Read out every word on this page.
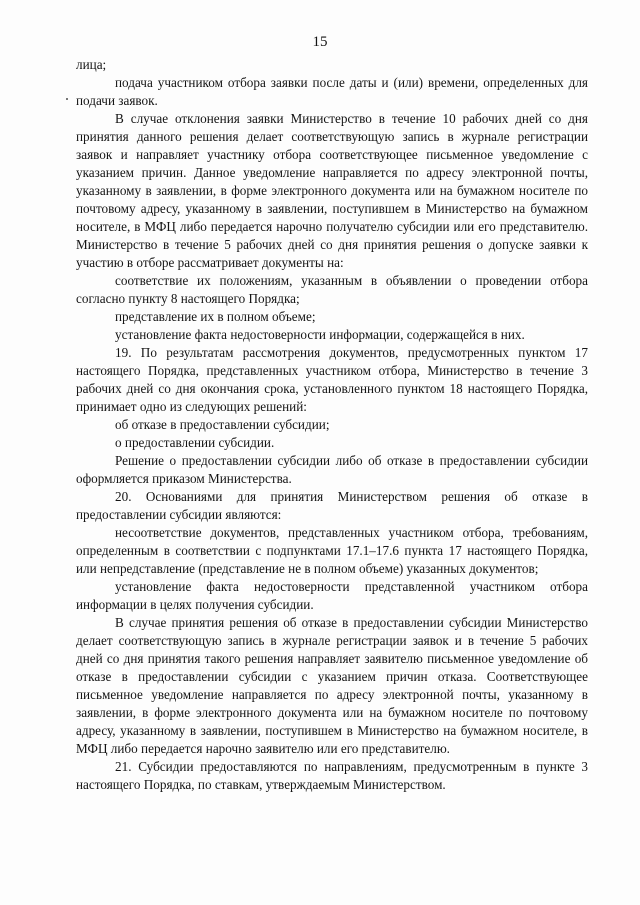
15

лица;

подача участником отбора заявки после даты и (или) времени, определенных для подачи заявок.

В случае отклонения заявки Министерство в течение 10 рабочих дней со дня принятия данного решения делает соответствующую запись в журнале регистрации заявок и направляет участнику отбора соответствующее письменное уведомление с указанием причин. Данное уведомление направляется по адресу электронной почты, указанному в заявлении, в форме электронного документа или на бумажном носителе по почтовому адресу, указанному в заявлении, поступившем в Министерство на бумажном носителе, в МФЦ либо передается нарочно получателю субсидии или его представителю. Министерство в течение 5 рабочих дней со дня принятия решения о допуске заявки к участию в отборе рассматривает документы на:

соответствие их положениям, указанным в объявлении о проведении отбора согласно пункту 8 настоящего Порядка;

представление их в полном объеме;

установление факта недостоверности информации, содержащейся в них.

19. По результатам рассмотрения документов, предусмотренных пунктом 17 настоящего Порядка, представленных участником отбора, Министерство в течение 3 рабочих дней со дня окончания срока, установленного пунктом 18 настоящего Порядка, принимает одно из следующих решений:

об отказе в предоставлении субсидии;

о предоставлении субсидии.

Решение о предоставлении субсидии либо об отказе в предоставлении субсидии оформляется приказом Министерства.

20. Основаниями для принятия Министерством решения об отказе в предоставлении субсидии являются:

несоответствие документов, представленных участником отбора, требованиям, определенным в соответствии с подпунктами 17.1–17.6 пункта 17 настоящего Порядка, или непредставление (представление не в полном объеме) указанных документов;

установление факта недостоверности представленной участником отбора информации в целях получения субсидии.

В случае принятия решения об отказе в предоставлении субсидии Министерство делает соответствующую запись в журнале регистрации заявок и в течение 5 рабочих дней со дня принятия такого решения направляет заявителю письменное уведомление об отказе в предоставлении субсидии с указанием причин отказа. Соответствующее письменное уведомление направляется по адресу электронной почты, указанному в заявлении, в форме электронного документа или на бумажном носителе по почтовому адресу, указанному в заявлении, поступившем в Министерство на бумажном носителе, в МФЦ либо передается нарочно заявителю или его представителю.

21. Субсидии предоставляются по направлениям, предусмотренным в пункте 3 настоящего Порядка, по ставкам, утверждаемым Министерством.
